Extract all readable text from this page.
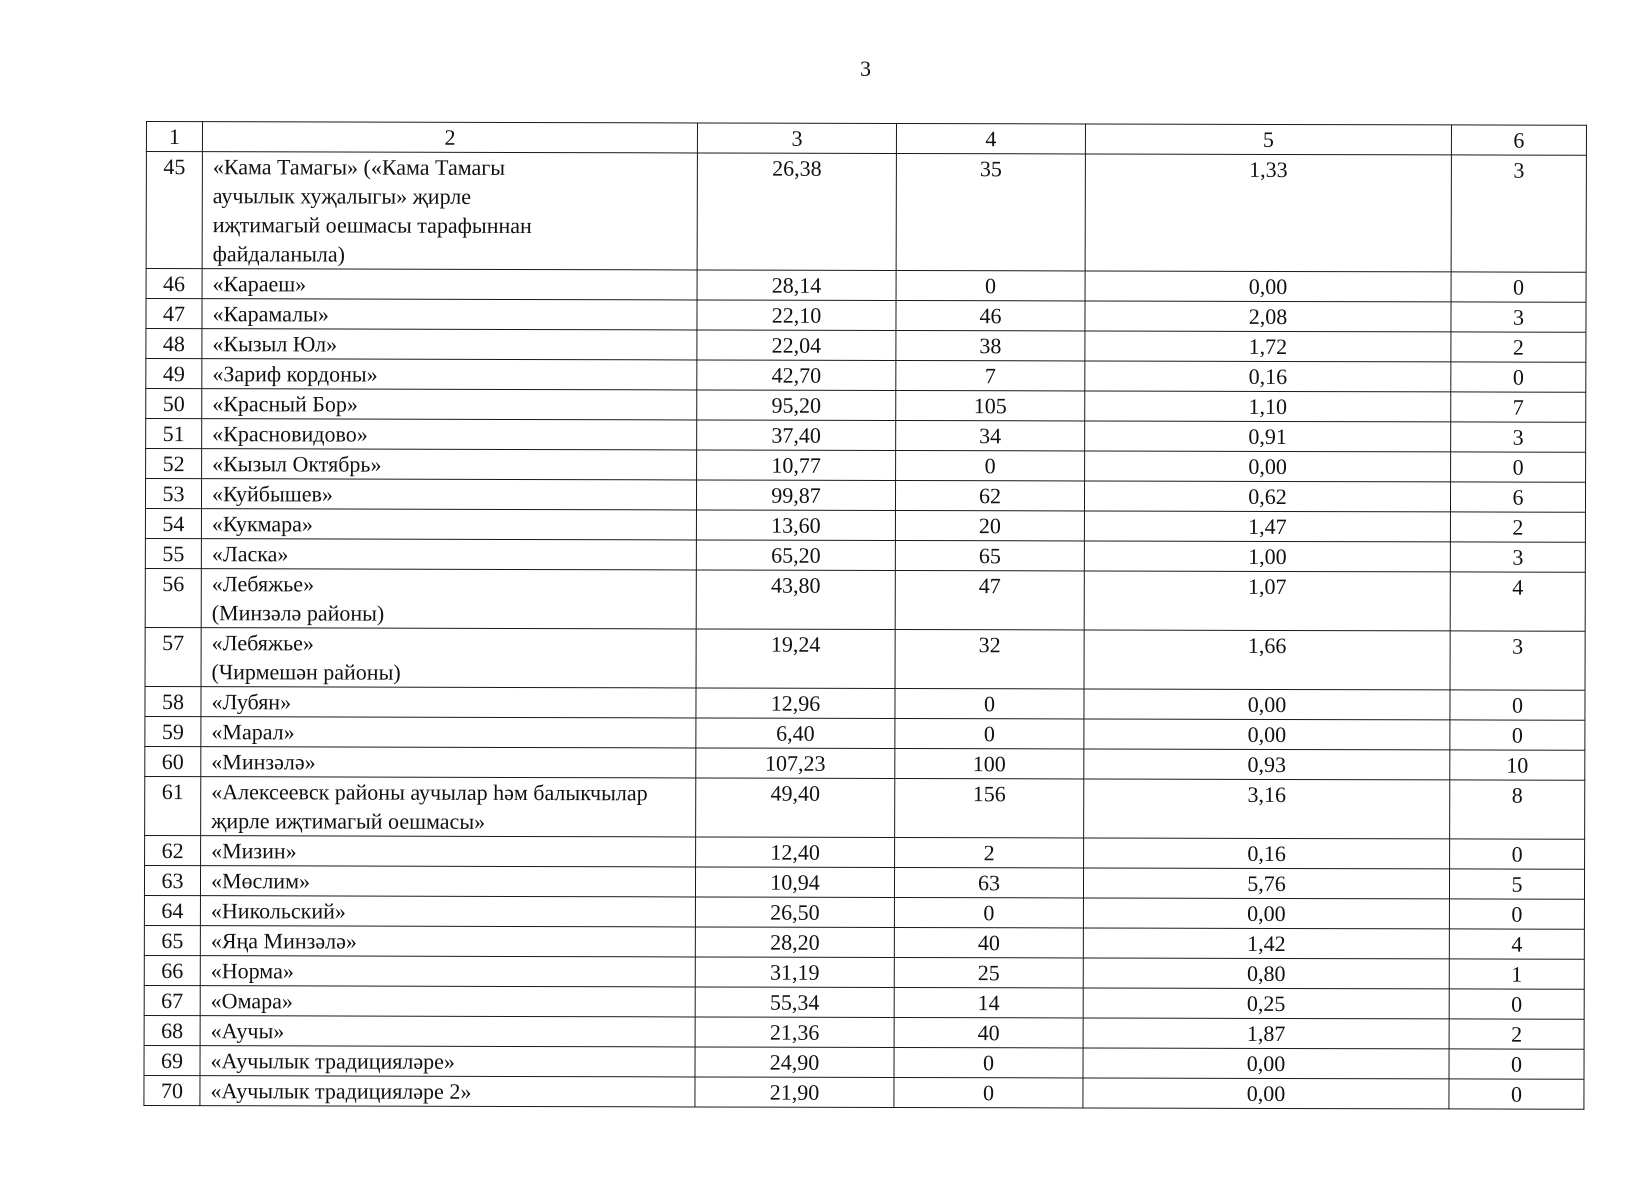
3
1	2	3	4	5	6
45	«Кама Тамагы» («Кама Тамагы
аучылык хуҗалыгы» җирле
иҗтимагый оешмасы тарафыннан
файдаланыла)	26,38	35	1,33	3
46	«Караеш»	28,14	0	0,00	0
47	«Карамалы»	22,10	46	2,08	3
48	«Кызыл Юл»	22,04	38	1,72	2
49	«Зариф кордоны»	42,70	7	0,16	0
50	«Красный Бор»	95,20	105	1,10	7
51	«Красновидово»	37,40	34	0,91	3
52	«Кызыл Октябрь»	10,77	0	0,00	0
53	«Куйбышев»	99,87	62	0,62	6
54	«Кукмара»	13,60	20	1,47	2
55	«Ласка»	65,20	65	1,00	3
56	«Лебяжье»
(Минзәлә районы)	43,80	47	1,07	4
57	«Лебяжье»
(Чирмешән районы)	19,24	32	1,66	3
58	«Лубян»	12,96	0	0,00	0
59	«Марал»	6,40	0	0,00	0
60	«Минзәлә»	107,23	100	0,93	10
61	«Алексеевск районы аучылар һәм балыкчылар
җирле иҗтимагый оешмасы»	49,40	156	3,16	8
62	«Мизин»	12,40	2	0,16	0
63	«Мөслим»	10,94	63	5,76	5
64	«Никольский»	26,50	0	0,00	0
65	«Яңа Минзәлә»	28,20	40	1,42	4
66	«Норма»	31,19	25	0,80	1
67	«Омара»	55,34	14	0,25	0
68	«Аучы»	21,36	40	1,87	2
69	«Аучылык традицияләре»	24,90	0	0,00	0
70	«Аучылык традицияләре 2»	21,90	0	0,00	0
